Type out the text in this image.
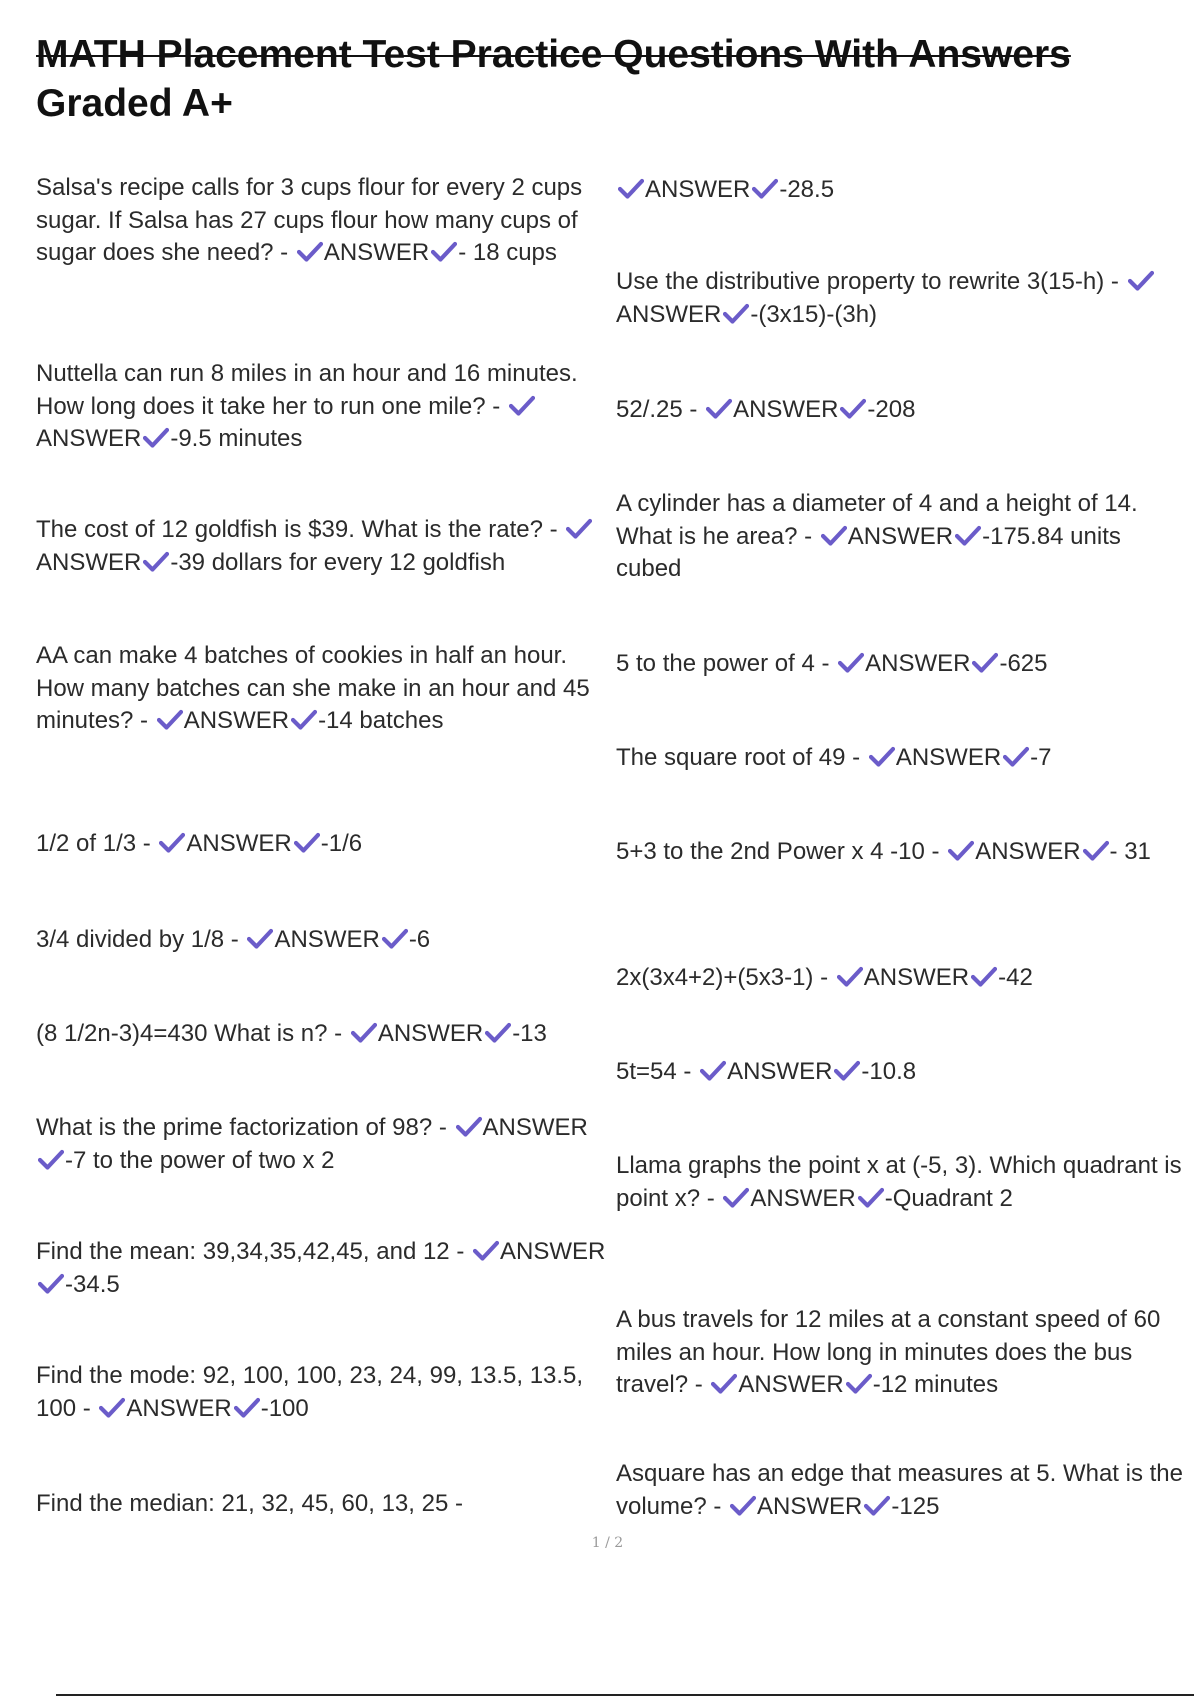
MATH Placement Test Practice Questions With Answers
Graded A+

Salsa's recipe calls for 3 cups flour for every 2 cups sugar. If Salsa has 27 cups flour how many cups of sugar does she need? -
ANSWER - 18 cups

Nuttella can run 8 miles in an hour and 16 minutes. How long does it take her to run one mile? -
ANSWER -9.5 minutes

The cost of 12 goldfish is $39. What is the rate? -
ANSWER -39 dollars for every 12 goldfish

AA can make 4 batches of cookies in half an hour. How many batches can she make in an hour and 45 minutes? -
ANSWER -14 batches

1/2 of 1/3 -
ANSWER -1/6

3/4 divided by 1/8 -
ANSWER -6

(8 1/2n-3)4=430 What is n? -
ANSWER -13

What is the prime factorization of 98? -
ANSWER
-7 to the power of two x 2

Find the mean: 39,34,35,42,45, and 12 -
ANSWER
-34.5

Find the mode: 92, 100, 100, 23, 24, 99, 13.5, 13.5, 100 -
ANSWER -100

Find the median: 21, 32, 45, 60, 13, 25 -

ANSWER -28.5

Use the distributive property to rewrite 3(15-h) -
ANSWER -(3x15)-(3h)

52/.25 -
ANSWER -208

A cylinder has a diameter of 4 and a height of 14. What is he area? -
ANSWER -175.84 units cubed

5 to the power of 4 -
ANSWER -625

The square root of 49 -
ANSWER -7

5+3 to the 2nd Power x 4 -10 -
ANSWER - 31

2x(3x4+2)+(5x3-1) -
ANSWER -42

5t=54 -
ANSWER -10.8

Llama graphs the point x at (-5, 3). Which quadrant is point x? -
ANSWER -Quadrant 2

A bus travels for 12 miles at a constant speed of 60 miles an hour. How long in minutes does the bus travel? -
ANSWER -12 minutes

Asquare has an edge that measures at 5. What is the volume? -
ANSWER -125

1 / 2
